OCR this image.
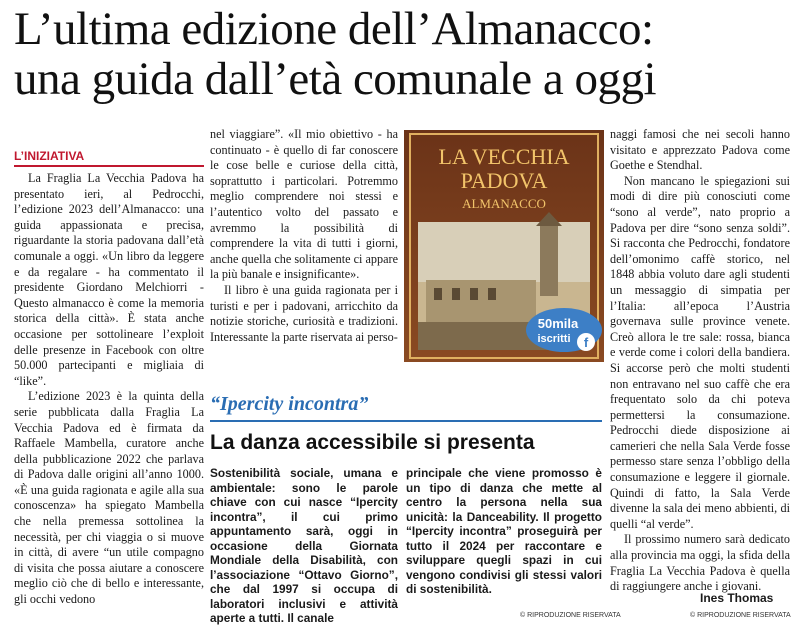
L’ultima edizione dell’Almanacco:
una guida dall’età comunale a oggi
L’INIZIATIVA

La Fraglia La Vecchia Padova ha presentato ieri, al Pedrocchi, l’edizione 2023 dell’Almanacco: una guida appassionata e precisa, riguardante la storia padovana dall’età comunale a oggi. «Un libro da leggere e da regalare - ha commentato il presidente Giordano Melchiorri - Questo almanacco è come la memoria storica della città». È stata anche occasione per sottolineare l’exploit delle presenze in Facebook con oltre 50.000 partecipanti e migliaia di “like”.

L’edizione 2023 è la quinta della serie pubblicata dalla Fraglia La Vecchia Padova ed è firmata da Raffaele Mambella, curatore anche della pubblicazione 2022 che parlava di Padova dalle origini all’anno 1000. «È una guida ragionata e agile alla sua conoscenza» ha spiegato Mambella che nella premessa sottolinea la necessità, per chi viaggia o si muove in città, di avere “un utile compagno di visita che possa aiutare a conoscere meglio ciò che di bello e interessante, gli occhi vedono

nel viaggiare”. «Il mio obiettivo - ha continuato - è quello di far conoscere le cose belle e curiose della città, soprattutto i particolari. Potremmo meglio comprendere noi stessi e l’autentico volto del passato e avremmo la possibilità di comprendere la vita di tutti i giorni, anche quella che solitamente ci appare la più banale e insignificante».

Il libro è una guida ragionata per i turisti e per i padovani, arricchito da notizie storiche, curiosità e tradizioni. Interessante la parte riservata ai perso-

LA VECCHIA
PADOVA
ALMANACCO
50mila
iscritti f

naggi famosi che nei secoli hanno visitato e apprezzato Padova come Goethe e Stendhal.

Non mancano le spiegazioni sui modi di dire più conosciuti come “sono al verde”, nato proprio a Padova per dire “sono senza soldi”. Si racconta che Pedrocchi, fondatore dell’omonimo caffè storico, nel 1848 abbia voluto dare agli studenti un messaggio di simpatia per l’Italia: all’epoca l’Austria governava sulle province venete. Creò allora le tre sale: rossa, bianca e verde come i colori della bandiera. Si accorse però che molti studenti non entravano nel suo caffè che era frequentato solo da chi poteva permettersi la consumazione. Pedrocchi diede disposizione ai camerieri che nella Sala Verde fosse permesso stare senza l’obbligo della consumazione e leggere il giornale. Quindi di fatto, la Sala Verde divenne la sala dei meno abbienti, di quelli “al verde”.

Il prossimo numero sarà dedicato alla provincia ma oggi, la sfida della Fraglia La Vecchia Padova è quella di raggiungere anche i giovani.

“Ipercity incontra”
La danza accessibile si presenta
Sostenibilità sociale, umana e ambientale: sono le parole chiave con cui nasce “Ipercity incontra”, il cui primo appuntamento sarà, oggi in occasione della Giornata Mondiale della Disabilità, con l’associazione “Ottavo Giorno”, che dal 1997 si occupa di laboratori inclusivi e attività aperte a tutti. Il canale
principale che viene promosso è un tipo di danza che mette al centro la persona nella sua unicità: la Danceability. Il progetto “Ipercity incontra” proseguirà per tutto il 2024 per raccontare e sviluppare quegli spazi in cui vengono condivisi gli stessi valori di sostenibilità.
© RIPRODUZIONE RISERVATA
Ines Thomas
© RIPRODUZIONE RISERVATA
